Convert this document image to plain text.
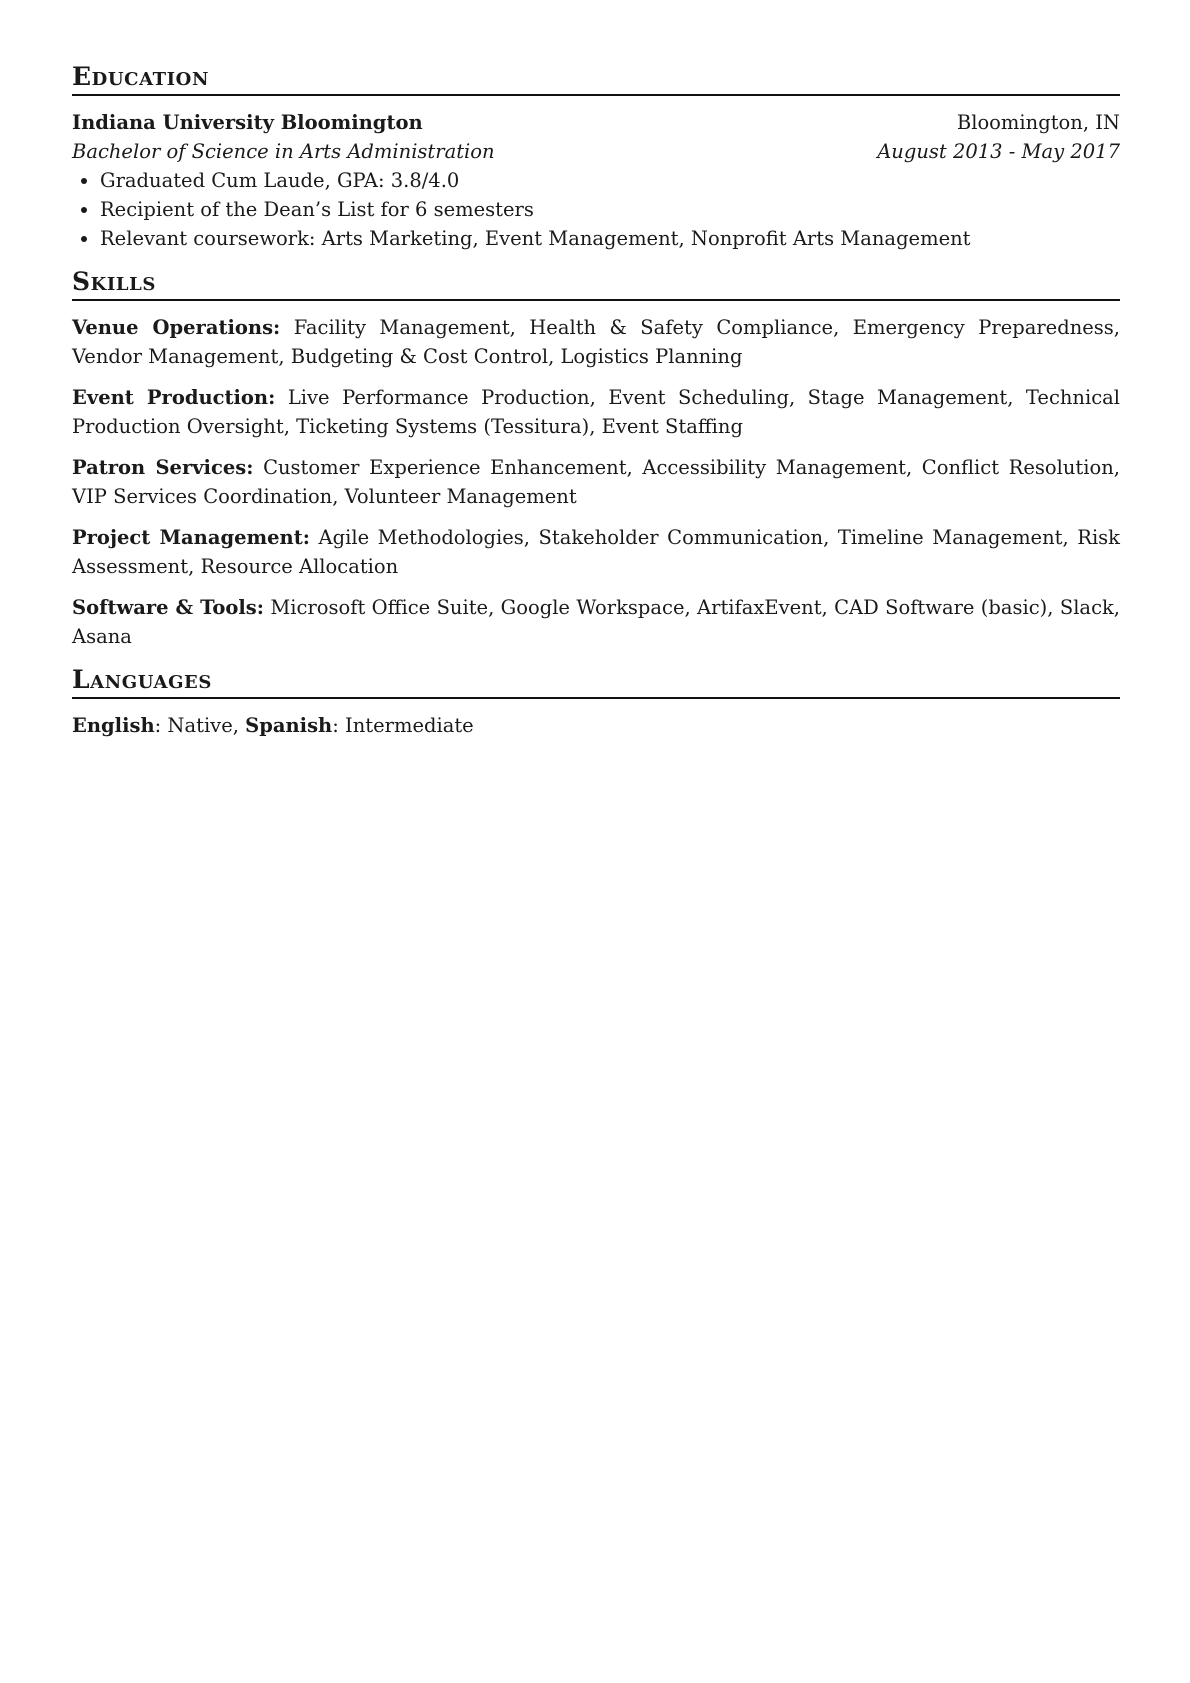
Education
Indiana University Bloomington	Bloomington, IN
Bachelor of Science in Arts Administration	August 2013 - May 2017
• Graduated Cum Laude, GPA: 3.8/4.0
• Recipient of the Dean’s List for 6 semesters
• Relevant coursework: Arts Marketing, Event Management, Nonprofit Arts Management
Skills
Venue Operations: Facility Management, Health & Safety Compliance, Emergency Preparedness, Vendor Management, Budgeting & Cost Control, Logistics Planning
Event Production: Live Performance Production, Event Scheduling, Stage Management, Technical Production Oversight, Ticketing Systems (Tessitura), Event Staffing
Patron Services: Customer Experience Enhancement, Accessibility Management, Conflict Resolution, VIP Services Coordination, Volunteer Management
Project Management: Agile Methodologies, Stakeholder Communication, Timeline Management, Risk Assessment, Resource Allocation
Software & Tools: Microsoft Office Suite, Google Workspace, ArtifaxEvent, CAD Software (basic), Slack, Asana
Languages
English: Native, Spanish: Intermediate
